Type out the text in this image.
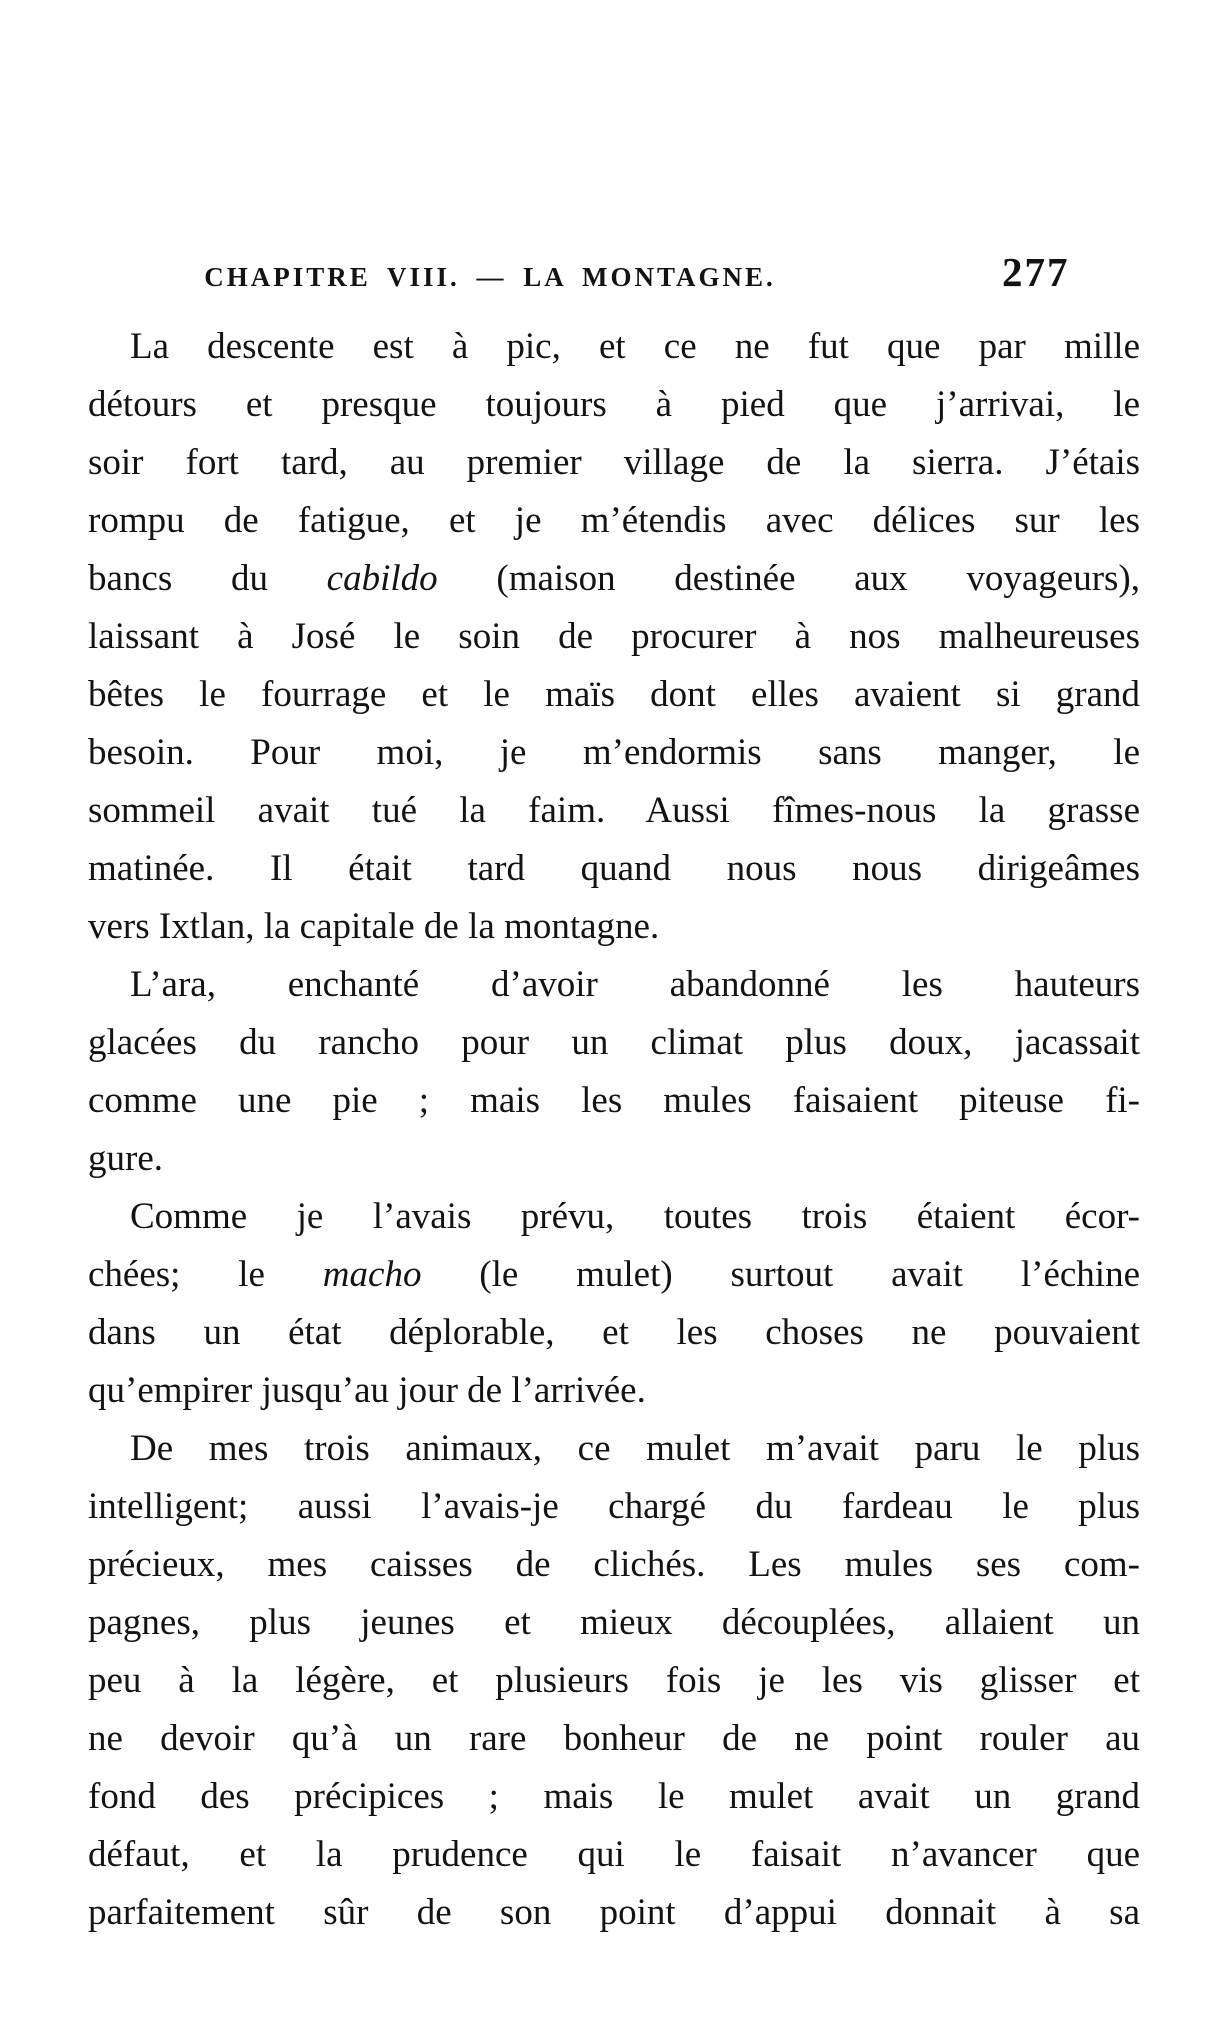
CHAPITRE VIII. — LA MONTAGNE.	277
La descente est à pic, et ce ne fut que par mille
détours et presque toujours à pied que j’arrivai, le
soir fort tard, au premier village de la sierra. J’étais
rompu de fatigue, et je m’étendis avec délices sur les
bancs du cabildo (maison destinée aux voyageurs),
laissant à José le soin de procurer à nos malheureuses
bêtes le fourrage et le maïs dont elles avaient si grand
besoin. Pour moi, je m’endormis sans manger, le
sommeil avait tué la faim. Aussi fîmes-nous la grasse
matinée. Il était tard quand nous nous dirigeâmes
vers Ixtlan, la capitale de la montagne.
L’ara, enchanté d’avoir abandonné les hauteurs
glacées du rancho pour un climat plus doux, jacassait
comme une pie ; mais les mules faisaient piteuse fi-
gure.
Comme je l’avais prévu, toutes trois étaient écor-
chées; le macho (le mulet) surtout avait l’échine
dans un état déplorable, et les choses ne pouvaient
qu’empirer jusqu’au jour de l’arrivée.
De mes trois animaux, ce mulet m’avait paru le plus
intelligent; aussi l’avais-je chargé du fardeau le plus
précieux, mes caisses de clichés. Les mules ses com-
pagnes, plus jeunes et mieux découplées, allaient un
peu à la légère, et plusieurs fois je les vis glisser et
ne devoir qu’à un rare bonheur de ne point rouler au
fond des précipices ; mais le mulet avait un grand
défaut, et la prudence qui le faisait n’avancer que
parfaitement sûr de son point d’appui donnait à sa
